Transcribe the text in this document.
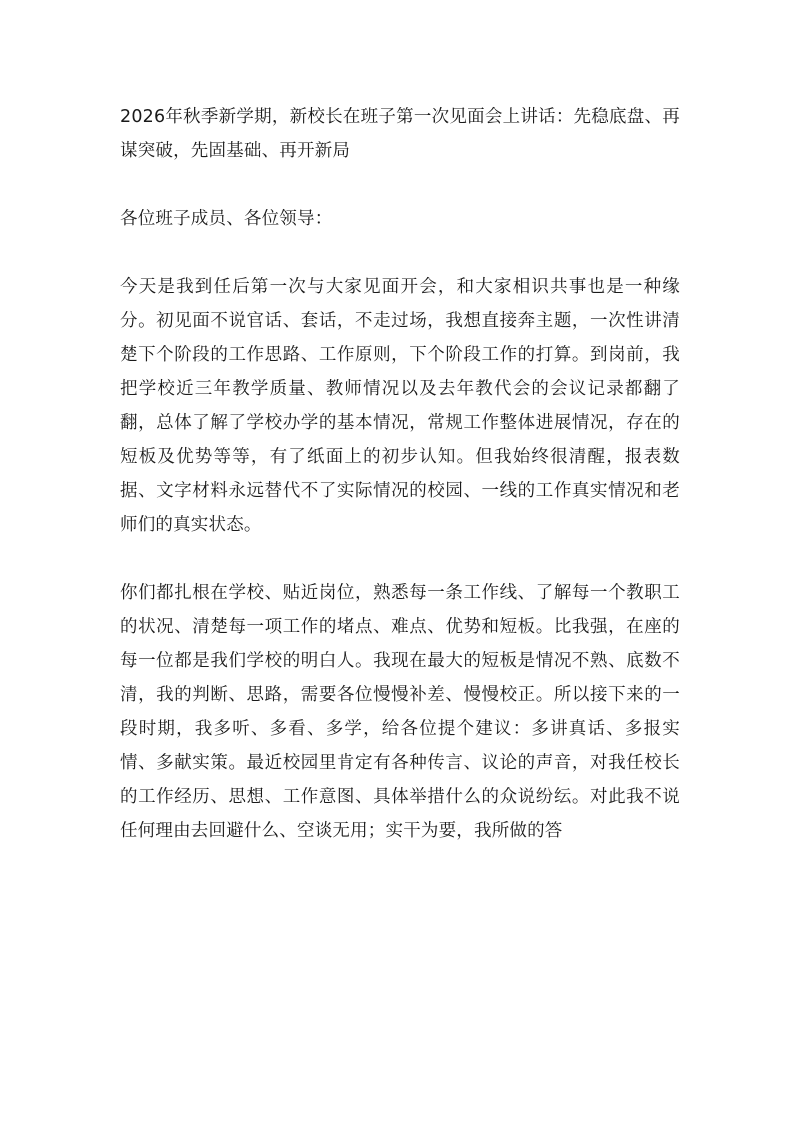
2026年秋季新学期，新校长在班子第一次见面会上讲话：先稳底盘、再谋突破，先固基础、再开新局

各位班子成员、各位领导：

今天是我到任后第一次与大家见面开会，和大家相识共事也是一种缘分。初见面不说官话、套话，不走过场，我想直接奔主题，一次性讲清楚下个阶段的工作思路、工作原则，下个阶段工作的打算。到岗前，我把学校近三年教学质量、教师情况以及去年教代会的会议记录都翻了翻，总体了解了学校办学的基本情况，常规工作整体进展情况，存在的短板及优势等等，有了纸面上的初步认知。但我始终很清醒，报表数据、文字材料永远替代不了实际情况的校园、一线的工作真实情况和老师们的真实状态。

你们都扎根在学校、贴近岗位，熟悉每一条工作线、了解每一个教职工的状况、清楚每一项工作的堵点、难点、优势和短板。比我强，在座的每一位都是我们学校的明白人。我现在最大的短板是情况不熟、底数不清，我的判断、思路，需要各位慢慢补差、慢慢校正。所以接下来的一段时期，我多听、多看、多学，给各位提个建议：多讲真话、多报实情、多献实策。最近校园里肯定有各种传言、议论的声音，对我任校长的工作经历、思想、工作意图、具体举措什么的众说纷纭。对此我不说任何理由去回避什么、空谈无用；实干为要，我所做的答
